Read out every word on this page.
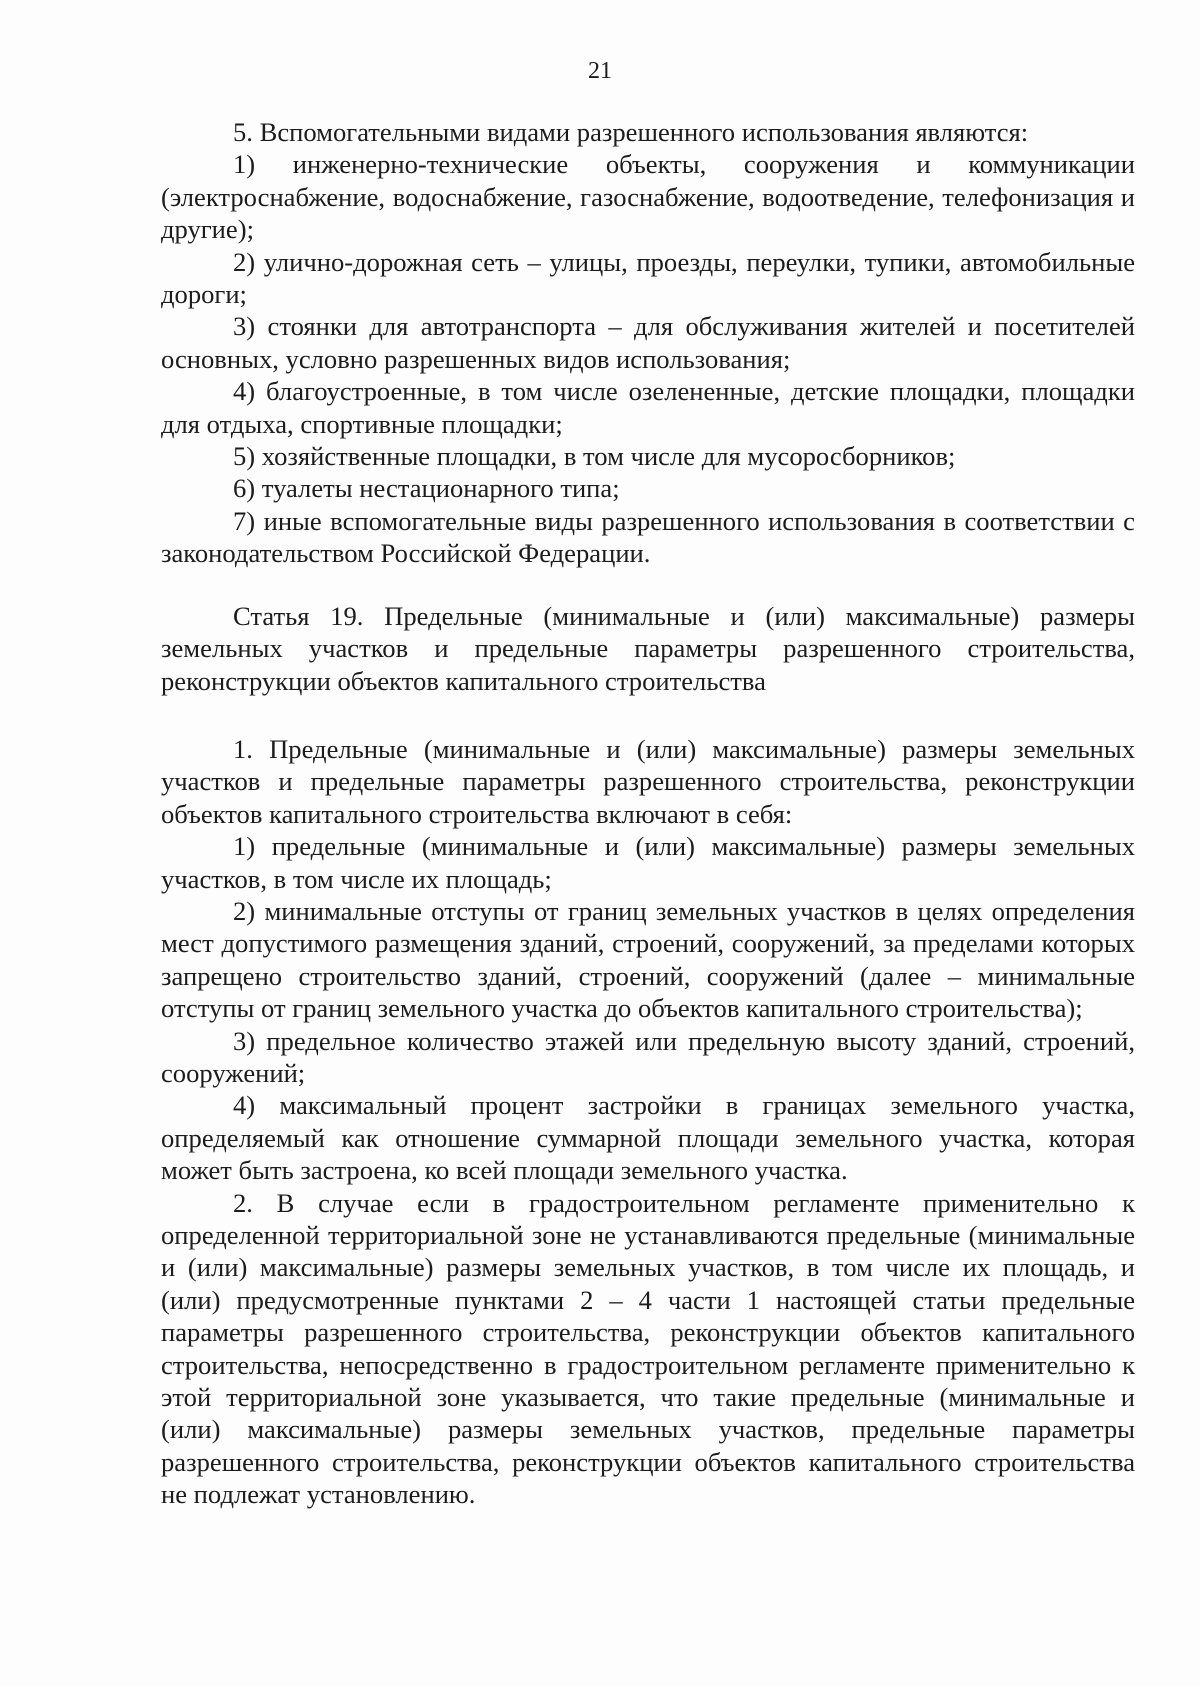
21

5. Вспомогательными видами разрешенного использования являются:

1) инженерно-технические объекты, сооружения и коммуникации (электроснабжение, водоснабжение, газоснабжение, водоотведение, телефонизация и другие);

2) улично-дорожная сеть – улицы, проезды, переулки, тупики, автомобильные дороги;

3) стоянки для автотранспорта – для обслуживания жителей и посетителей основных, условно разрешенных видов использования;

4) благоустроенные, в том числе озелененные, детские площадки, площадки для отдыха, спортивные площадки;

5) хозяйственные площадки, в том числе для мусоросборников;

6) туалеты нестационарного типа;

7) иные вспомогательные виды разрешенного использования в соответствии с законодательством Российской Федерации.

Статья 19. Предельные (минимальные и (или) максимальные) размеры земельных участков и предельные параметры разрешенного строительства, реконструкции объектов капитального строительства

1. Предельные (минимальные и (или) максимальные) размеры земельных участков и предельные параметры разрешенного строительства, реконструкции объектов капитального строительства включают в себя:

1) предельные (минимальные и (или) максимальные) размеры земельных участков, в том числе их площадь;

2) минимальные отступы от границ земельных участков в целях определения мест допустимого размещения зданий, строений, сооружений, за пределами которых запрещено строительство зданий, строений, сооружений (далее – минимальные отступы от границ земельного участка до объектов капитального строительства);

3) предельное количество этажей или предельную высоту зданий, строений, сооружений;

4) максимальный процент застройки в границах земельного участка, определяемый как отношение суммарной площади земельного участка, которая может быть застроена, ко всей площади земельного участка.

2. В случае если в градостроительном регламенте применительно к определенной территориальной зоне не устанавливаются предельные (минимальные и (или) максимальные) размеры земельных участков, в том числе их площадь, и (или) предусмотренные пунктами 2 – 4 части 1 настоящей статьи предельные параметры разрешенного строительства, реконструкции объектов капитального строительства, непосредственно в градостроительном регламенте применительно к этой территориальной зоне указывается, что такие предельные (минимальные и (или) максимальные) размеры земельных участков, предельные параметры разрешенного строительства, реконструкции объектов капитального строительства не подлежат установлению.
